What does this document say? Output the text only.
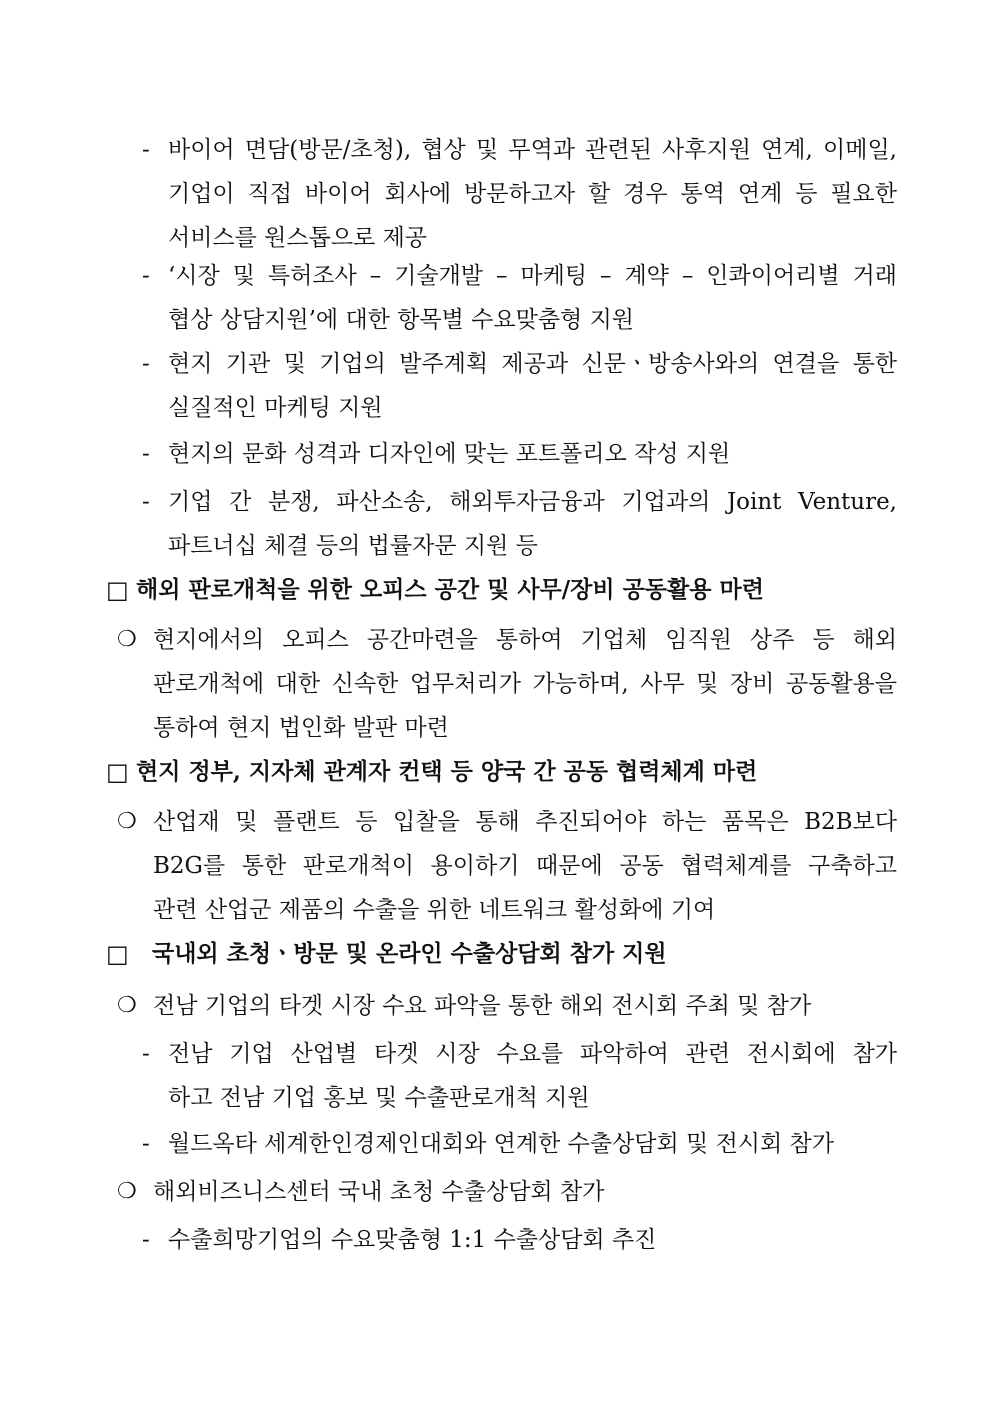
- 바이어 면담(방문/초청), 협상 및 무역과 관련된 사후지원 연계, 이메일,
기업이 직접 바이어 회사에 방문하고자 할 경우 통역 연계 등 필요한
서비스를 원스톱으로 제공
- ‘시장 및 특허조사 – 기술개발 – 마케팅 – 계약 – 인콰이어리별 거래
협상 상담지원’에 대한 항목별 수요맞춤형 지원
- 현지 기관 및 기업의 발주계획 제공과 신문ㆍ방송사와의 연결을 통한
실질적인 마케팅 지원
- 현지의 문화 성격과 디자인에 맞는 포트폴리오 작성 지원
- 기업 간 분쟁, 파산소송, 해외투자금융과 기업과의 Joint Venture,
파트너십 체결 등의 법률자문 지원 등
□ 해외 판로개척을 위한 오피스 공간 및 사무/장비 공동활용 마련
❍ 현지에서의 오피스 공간마련을 통하여 기업체 임직원 상주 등 해외
판로개척에 대한 신속한 업무처리가 가능하며, 사무 및 장비 공동활용을
통하여 현지 법인화 발판 마련
□ 현지 정부, 지자체 관계자 컨택 등 양국 간 공동 협력체계 마련
❍ 산업재 및 플랜트 등 입찰을 통해 추진되어야 하는 품목은 B2B보다
B2G를 통한 판로개척이 용이하기 때문에 공동 협력체계를 구축하고
관련 산업군 제품의 수출을 위한 네트워크 활성화에 기여
□	국내외 초청ㆍ방문 및 온라인 수출상담회 참가 지원
❍ 전남 기업의 타겟 시장 수요 파악을 통한 해외 전시회 주최 및 참가
- 전남 기업 산업별 타겟 시장 수요를 파악하여 관련 전시회에 참가
하고 전남 기업 홍보 및 수출판로개척 지원
- 월드옥타 세계한인경제인대회와 연계한 수출상담회 및 전시회 참가
❍ 해외비즈니스센터 국내 초청 수출상담회 참가
- 수출희망기업의 수요맞춤형 1:1 수출상담회 추진
